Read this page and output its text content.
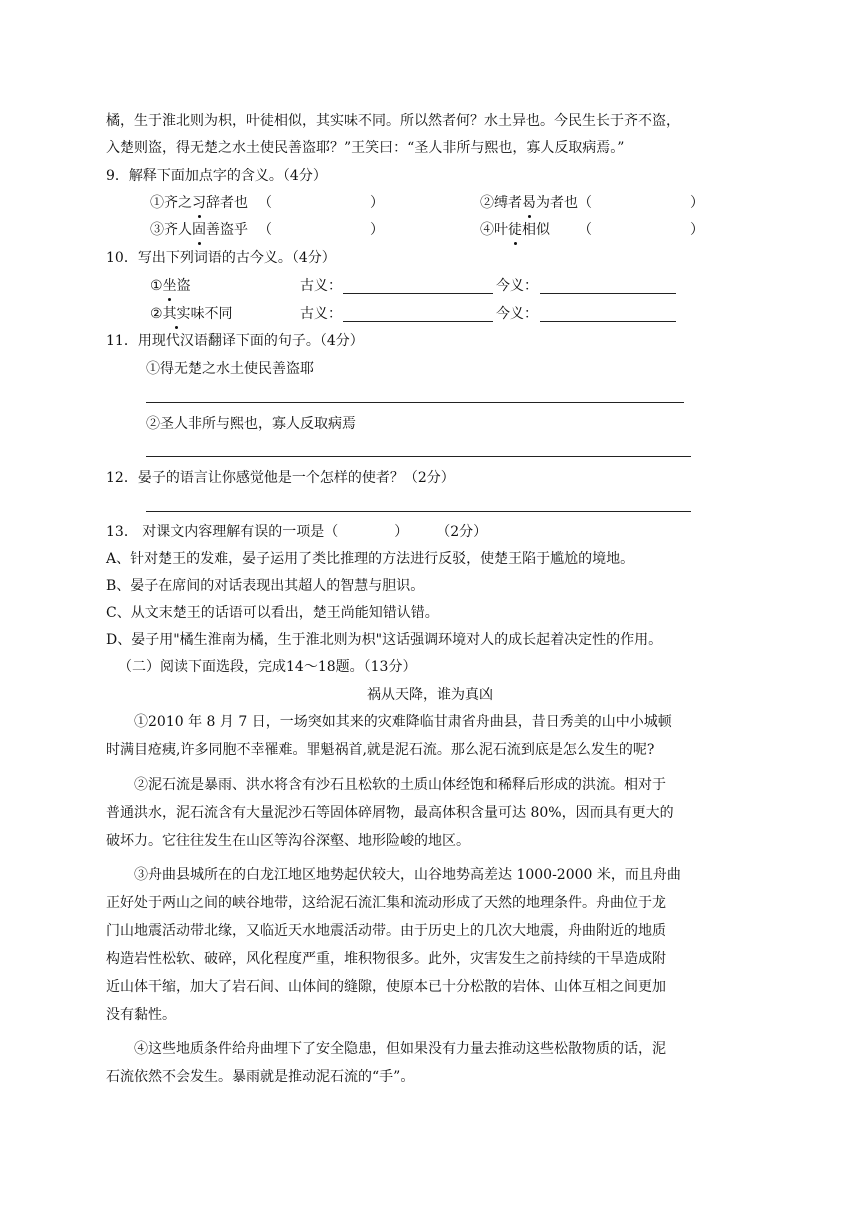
橘，生于淮北则为枳，叶徒相似，其实味不同。所以然者何？水土异也。今民生长于齐不盗，
入楚则盗，得无楚之水土使民善盗耶？”王笑曰：“圣人非所与熙也，寡人反取病焉。”
9．解释下面加点字的含义。（4分）
①齐之习辞者也 （　　　　　　　）	②缚者曷为者也（　　　　　　　）
③齐人固善盗乎 （　　　　　　　）	④叶徒相似 （　　　　　　　）
10．写出下列词语的古今义。（4分）
①坐盗	古义：	今义：
②其实味不同	古义：	今义：
11．用现代汉语翻译下面的句子。（4分）
①得无楚之水土使民善盗耶
②圣人非所与熙也，寡人反取病焉
12．晏子的语言让你感觉他是一个怎样的使者？（2分）
13． 对课文内容理解有误的一项是（　　　　）　　　（2分）
A、针对楚王的发难，晏子运用了类比推理的方法进行反驳，使楚王陷于尴尬的境地。
B、晏子在席间的对话表现出其超人的智慧与胆识。
C、从文末楚王的话语可以看出，楚王尚能知错认错。
D、晏子用"橘生淮南为橘，生于淮北则为枳"这话强调环境对人的成长起着决定性的作用。
（二）阅读下面选段，完成14～18题。（13分）
祸从天降，谁为真凶
①2010 年 8 月 7 日，一场突如其来的灾难降临甘肃省舟曲县，昔日秀美的山中小城顿
时满目疮痍,许多同胞不幸罹难。罪魁祸首,就是泥石流。那么泥石流到底是怎么发生的呢?
②泥石流是暴雨、洪水将含有沙石且松软的土质山体经饱和稀释后形成的洪流。相对于
普通洪水，泥石流含有大量泥沙石等固体碎屑物，最高体积含量可达 80%，因而具有更大的
破坏力。它往往发生在山区等沟谷深壑、地形险峻的地区。
③舟曲县城所在的白龙江地区地势起伏较大，山谷地势高差达 1000-2000 米，而且舟曲
正好处于两山之间的峡谷地带，这给泥石流汇集和流动形成了天然的地理条件。舟曲位于龙
门山地震活动带北缘，又临近天水地震活动带。由于历史上的几次大地震，舟曲附近的地质
构造岩性松软、破碎，风化程度严重，堆积物很多。此外，灾害发生之前持续的干旱造成附
近山体干缩，加大了岩石间、山体间的缝隙，使原本已十分松散的岩体、山体互相之间更加
没有黏性。
④这些地质条件给舟曲埋下了安全隐患，但如果没有力量去推动这些松散物质的话，泥
石流依然不会发生。暴雨就是推动泥石流的“手”。
